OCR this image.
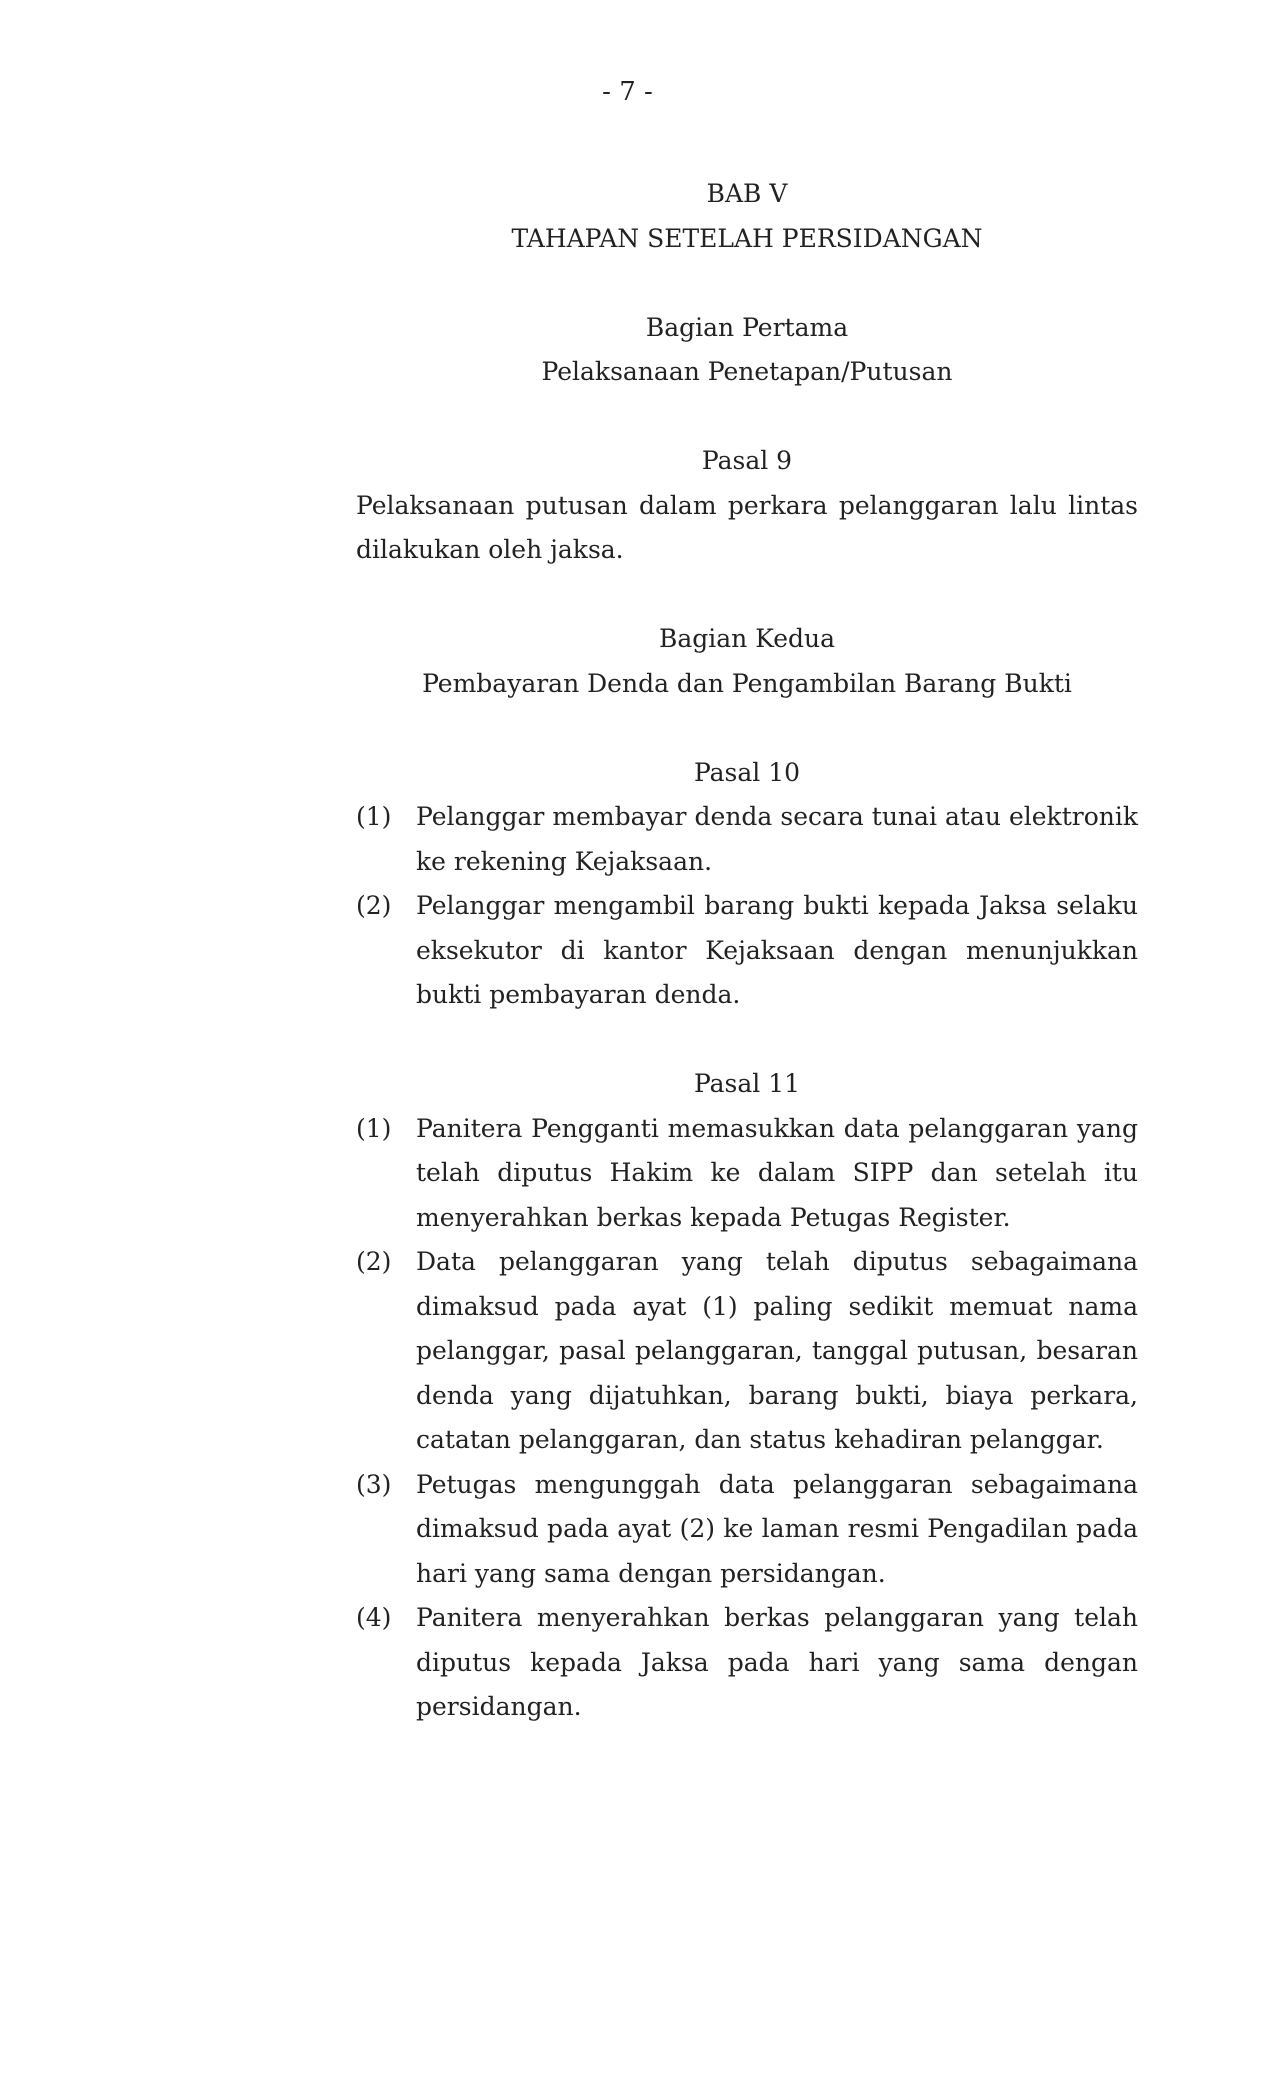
- 7 -

BAB V

TAHAPAN SETELAH PERSIDANGAN

Bagian Pertama

Pelaksanaan Penetapan/Putusan

Pasal 9

Pelaksanaan putusan dalam perkara pelanggaran lalu lintas dilakukan oleh jaksa.

Bagian Kedua

Pembayaran Denda dan Pengambilan Barang Bukti

Pasal 10

(1) Pelanggar membayar denda secara tunai atau elektronik ke rekening Kejaksaan.
(2) Pelanggar mengambil barang bukti kepada Jaksa selaku eksekutor di kantor Kejaksaan dengan menunjukkan bukti pembayaran denda.

Pasal 11

(1) Panitera Pengganti memasukkan data pelanggaran yang telah diputus Hakim ke dalam SIPP dan setelah itu menyerahkan berkas kepada Petugas Register.
(2) Data pelanggaran yang telah diputus sebagaimana dimaksud pada ayat (1) paling sedikit memuat nama pelanggar, pasal pelanggaran, tanggal putusan, besaran denda yang dijatuhkan, barang bukti, biaya perkara, catatan pelanggaran, dan status kehadiran pelanggar.
(3) Petugas mengunggah data pelanggaran sebagaimana dimaksud pada ayat (2) ke laman resmi Pengadilan pada hari yang sama dengan persidangan.
(4) Panitera menyerahkan berkas pelanggaran yang telah diputus kepada Jaksa pada hari yang sama dengan persidangan.
